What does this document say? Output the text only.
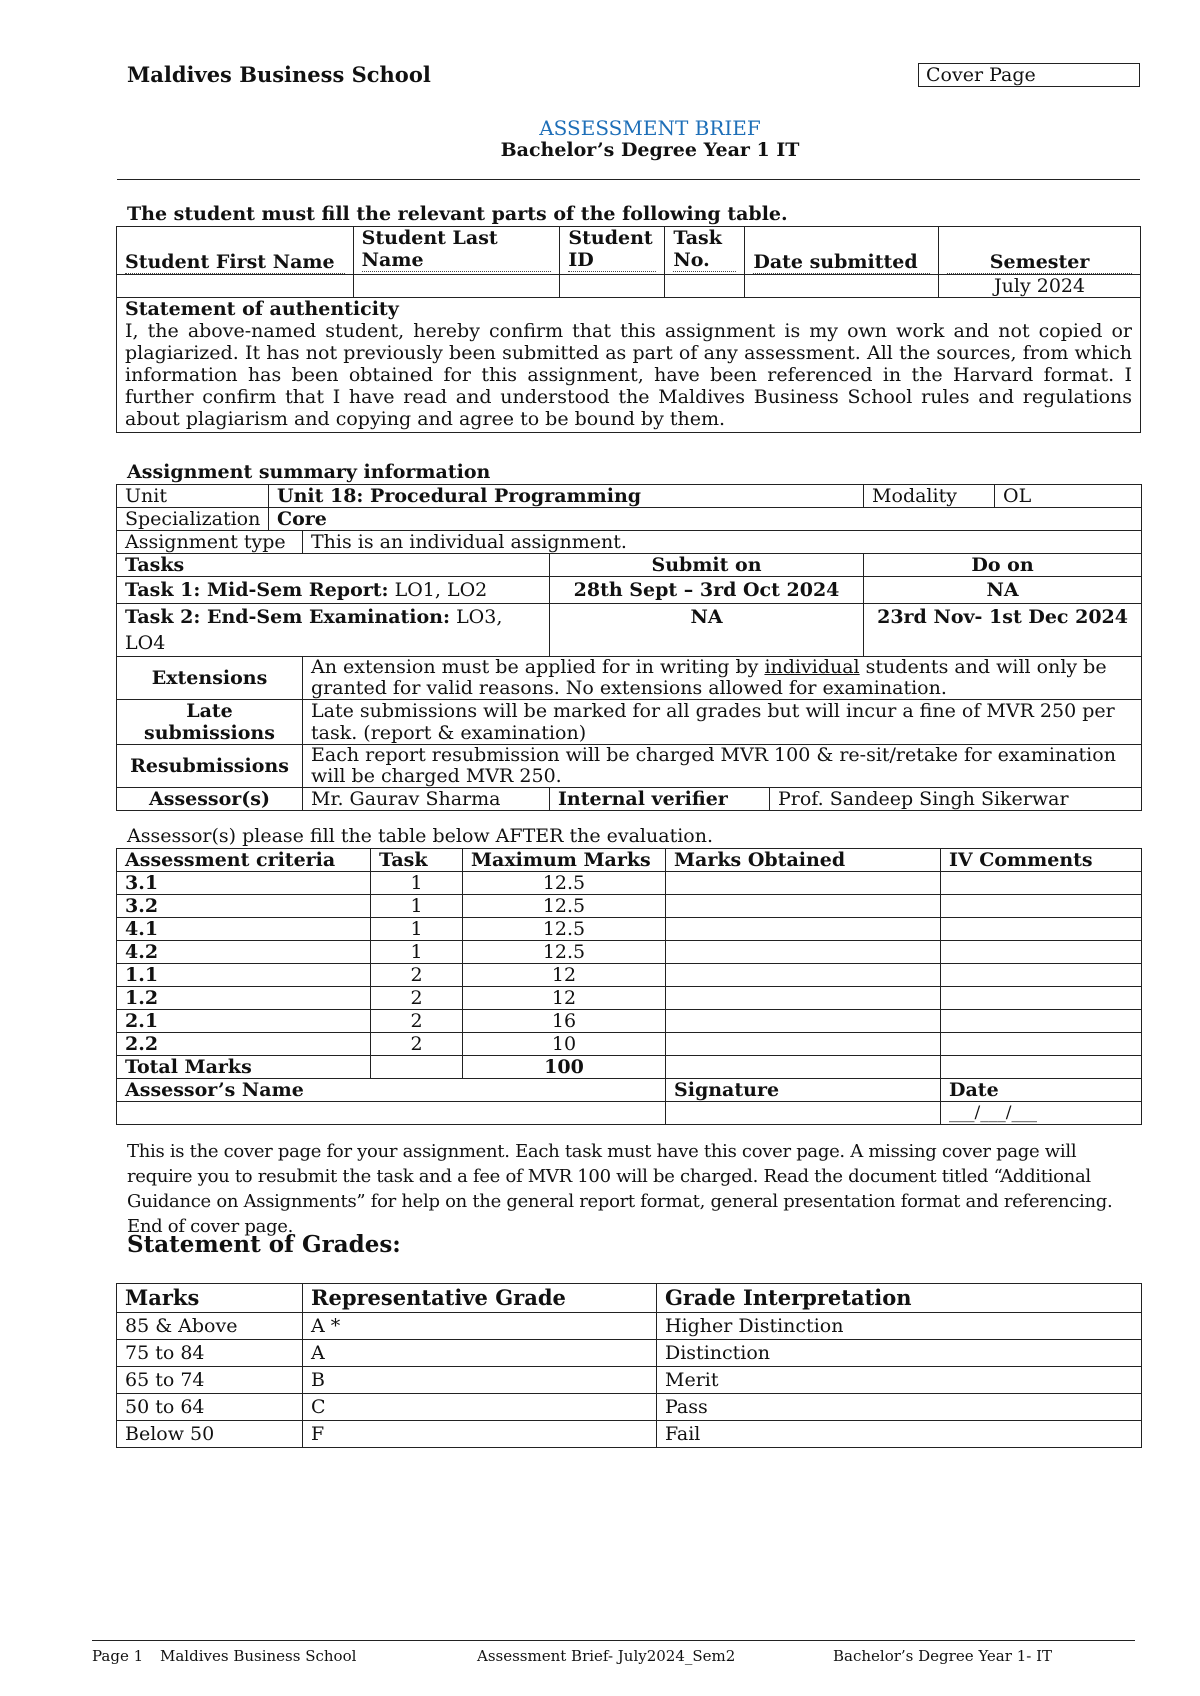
Maldives Business School	Cover Page
ASSESSMENT BRIEF
Bachelor’s Degree Year 1 IT
The student must fill the relevant parts of the following table.
Student First Name	Student Last Name	Student ID	Task No.	Date submitted	Semester

					July 2024

Statement of authenticity
I, the above-named student, hereby confirm that this assignment is my own work and not copied or plagiarized. It has not previously been submitted as part of any assessment. All the sources, from which information has been obtained for this assignment, have been referenced in the Harvard format. I further confirm that I have read and understood the Maldives Business School rules and regulations about plagiarism and copying and agree to be bound by them.					
Assignment summary information
Unit	Unit 18: Procedural Programming				Modality	OL
Specialization	Core					
Assignment type		This is an individual assignment.				
Tasks			Submit on		Do on	
Task 1: Mid-Sem Report: LO1, LO2			28th Sept – 3rd Oct 2024		NA	
Task 2: End-Sem Examination: LO3, LO4			NA		23rd Nov- 1st Dec 2024	
Extensions		An extension must be applied for in writing by individual students and will only be granted for valid reasons. No extensions allowed for examination.				
Late submissions		Late submissions will be marked for all grades but will incur a fine of MVR 250 per task. (report & examination)				
Resubmissions		Each report resubmission will be charged MVR 100 & re-sit/retake for examination will be charged MVR 250.				
Assessor(s)		Mr. Gaurav Sharma	Internal verifier	Prof. Sandeep Singh Sikerwar		
Assessor(s) please fill the table below AFTER the evaluation.
Assessment criteria	Task	Maximum Marks	Marks Obtained	IV Comments
3.1	1	12.5		
3.2	1	12.5		
4.1	1	12.5		
4.2	1	12.5		
1.1	2	12		
1.2	2	12		
2.1	2	16		
2.2	2	10		
Total Marks		100		
Assessor’s Name			Signature	Date
				___/___/___
This is the cover page for your assignment. Each task must have this cover page. A missing cover page will require you to resubmit the task and a fee of MVR 100 will be charged. Read the document titled “Additional Guidance on Assignments” for help on the general report format, general presentation format and referencing. End of cover page.
Statement of Grades:
Marks	Representative Grade	Grade Interpretation
85 & Above	A *	Higher Distinction
75 to 84	A	Distinction
65 to 74	B	Merit
50 to 64	C	Pass
Below 50	F	Fail
Page 1 Maldives Business School	Assessment Brief- July2024_Sem2	Bachelor’s Degree Year 1- IT
